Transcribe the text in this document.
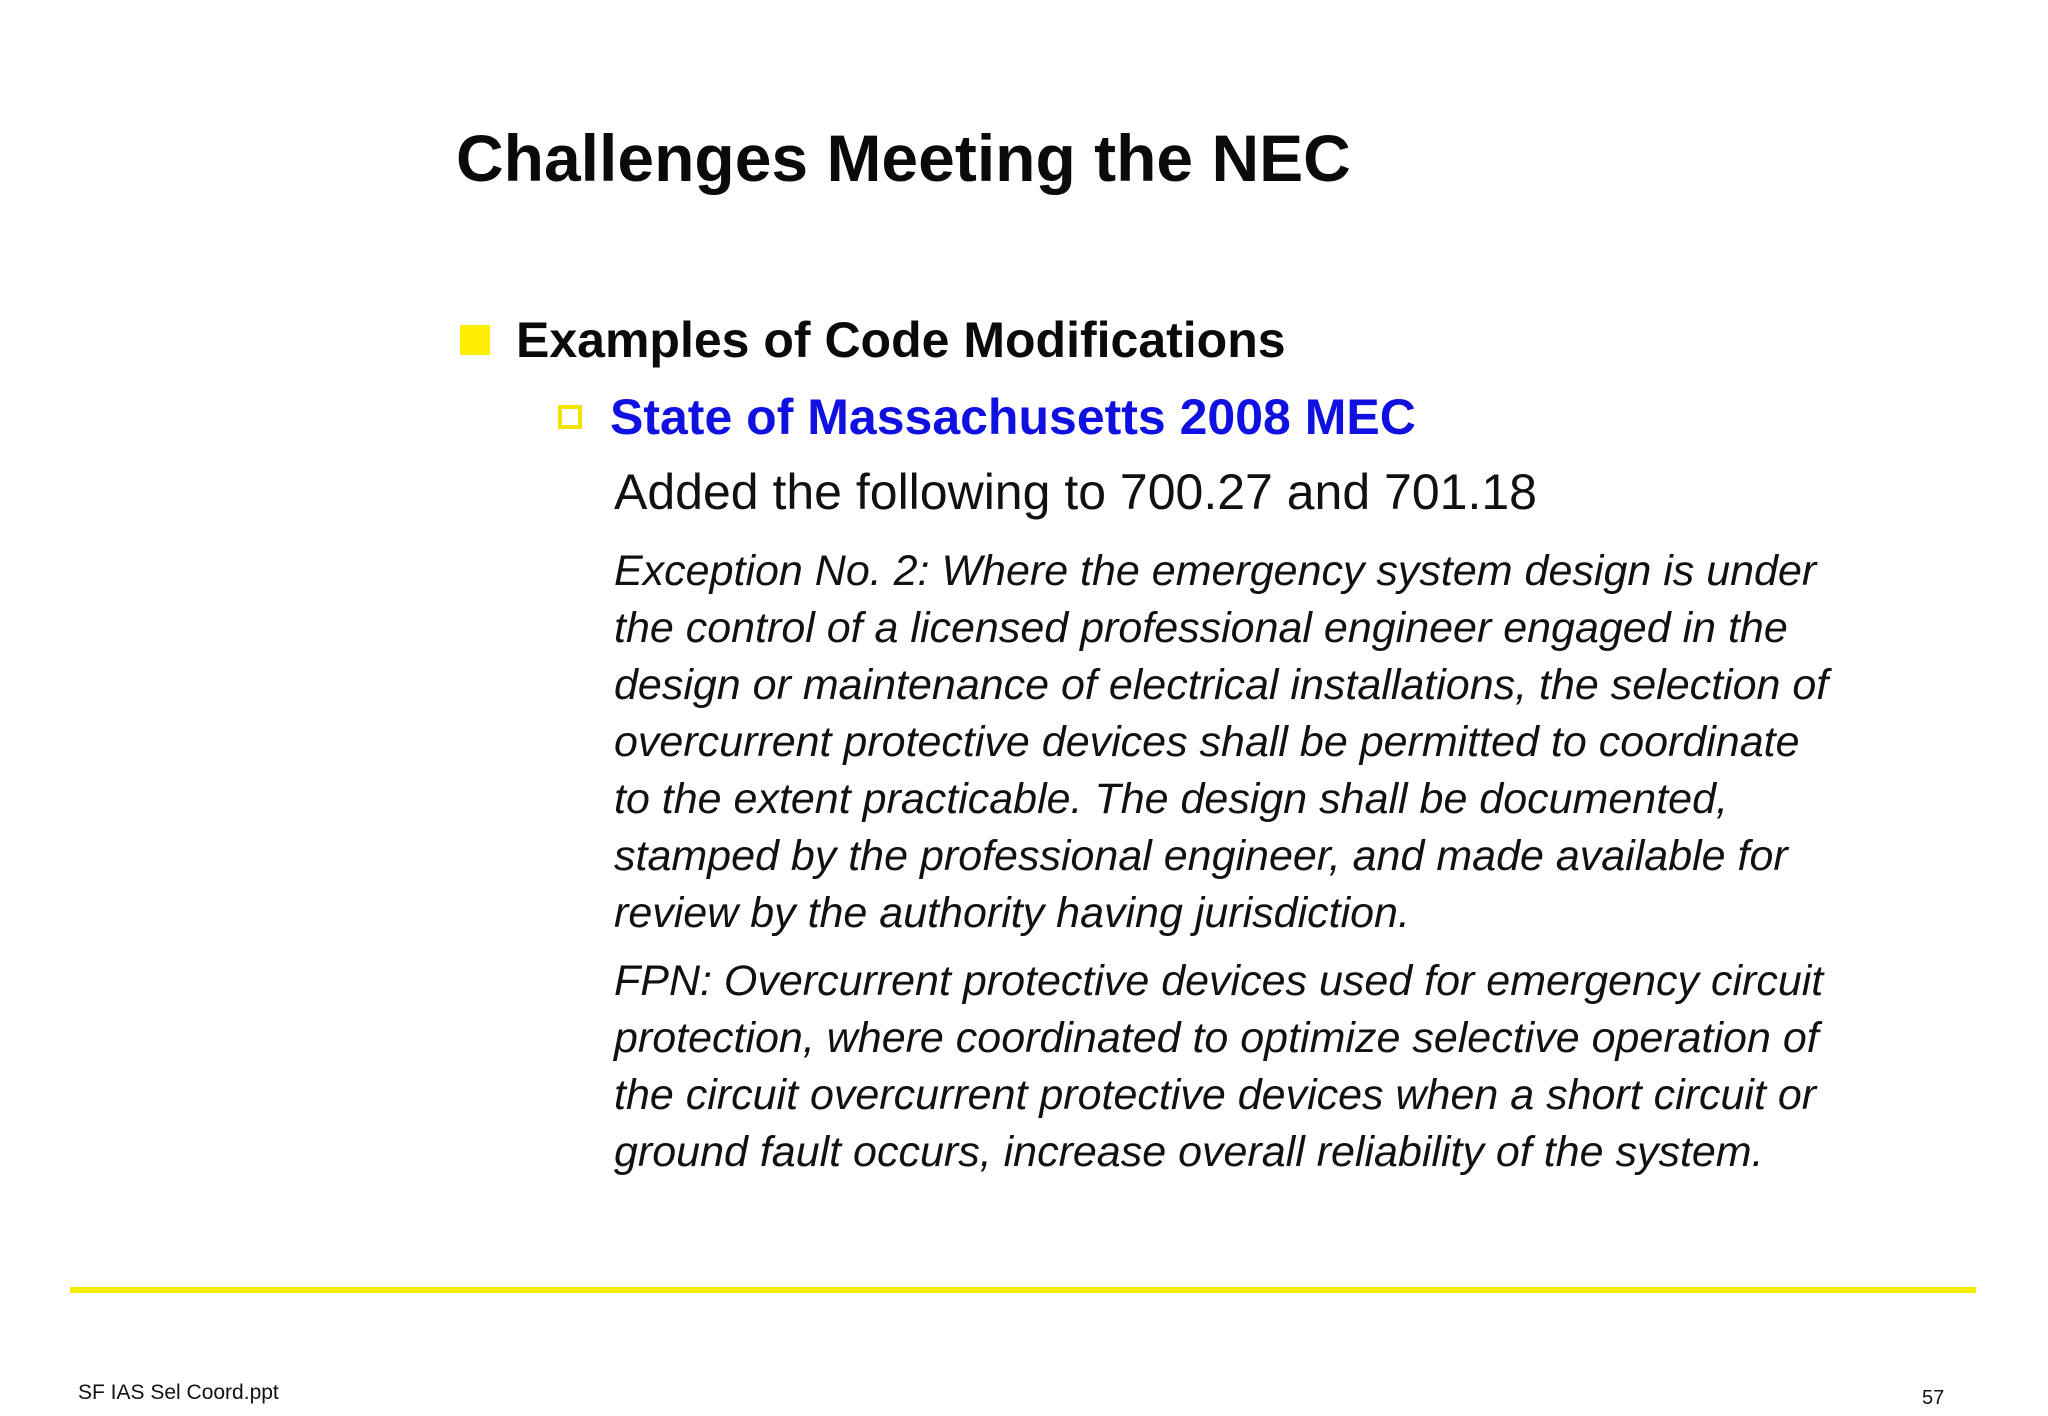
Challenges Meeting the NEC
Examples of Code Modifications
State of Massachusetts 2008 MEC
Added the following to 700.27 and 701.18

Exception No. 2: Where the emergency system design is under
the control of a licensed professional engineer engaged in the
design or maintenance of electrical installations, the selection of
overcurrent protective devices shall be permitted to coordinate
to the extent practicable. The design shall be documented,
stamped by the professional engineer, and made available for
review by the authority having jurisdiction.

FPN: Overcurrent protective devices used for emergency circuit
protection, where coordinated to optimize selective operation of
the circuit overcurrent protective devices when a short circuit or
ground fault occurs, increase overall reliability of the system.

SF IAS Sel Coord.ppt	57
